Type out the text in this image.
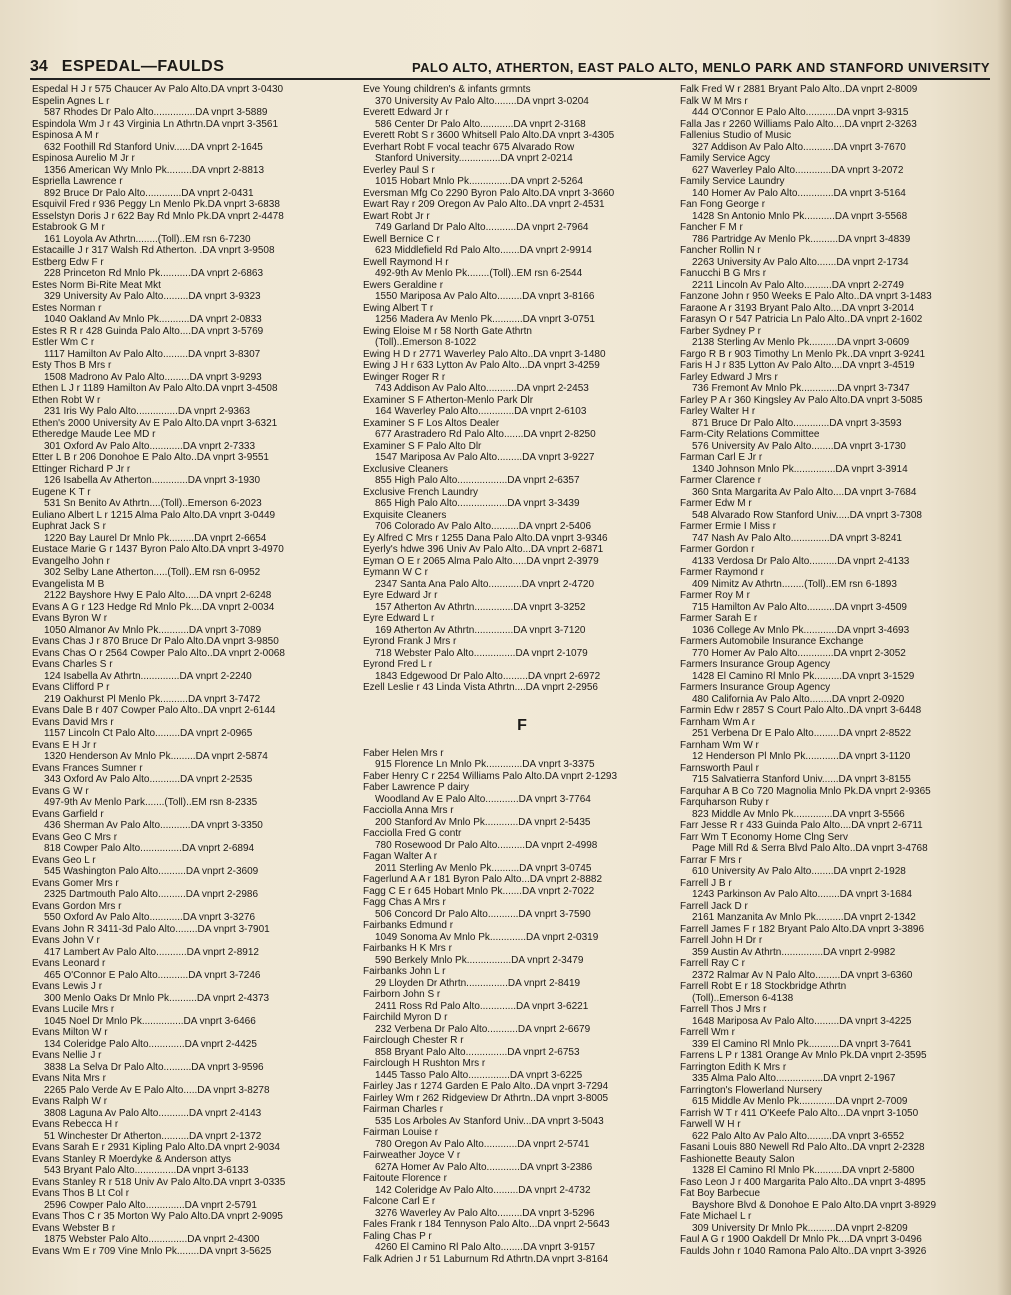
34 ESPEDAL—FAULDS	PALO ALTO, ATHERTON, EAST PALO ALTO, MENLO PARK AND STANFORD UNIVERSITY
Espedal H J r 575 Chaucer Av Palo Alto.DA vnprt 3-0430
Espelin Agnes L r
587 Rhodes Dr Palo Alto...............DA vnprt 3-5889
Espindola Wm J r 43 Virginia Ln Athrtn.DA vnprt 3-3561
Espinosa A M r
632 Foothill Rd Stanford Univ......DA vnprt 2-1645
Espinosa Aurelio M Jr r
1356 American Wy Mnlo Pk.........DA vnprt 2-8813
Espriella Lawrence r
892 Bruce Dr Palo Alto.............DA vnprt 2-0431
Esquivil Fred r 936 Peggy Ln Menlo Pk.DA vnprt 3-6838
Esselstyn Doris J r 622 Bay Rd Mnlo Pk.DA vnprt 2-4478
Estabrook G M r
161 Loyola Av Athrtn........(Toll)..EM rsn 6-7230
Estacaille J r 317 Walsh Rd Atherton. .DA vnprt 3-9508
Estberg Edw F r
228 Princeton Rd Mnlo Pk...........DA vnprt 2-6863
Estes Norm Bi-Rite Meat Mkt
329 University Av Palo Alto.........DA vnprt 3-9323
Estes Norman r
1040 Oakland Av Mnlo Pk...........DA vnprt 2-0833
Estes R R r 428 Guinda Palo Alto....DA vnprt 3-5769
Estler Wm C r
1117 Hamilton Av Palo Alto.........DA vnprt 3-8307
Esty Thos B Mrs r
1508 Madrono Av Palo Alto.........DA vnprt 3-9293
Ethen L J r 1189 Hamilton Av Palo Alto.DA vnprt 3-4508
Ethen Robt W r
231 Iris Wy Palo Alto...............DA vnprt 2-9363
Ethen's 2000 University Av E Palo Alto.DA vnprt 3-6321
Etheredge Maude Lee MD r
301 Oxford Av Palo Alto............DA vnprt 2-7333
Etter L B r 206 Donohoe E Palo Alto..DA vnprt 3-9551
Ettinger Richard P Jr r
126 Isabella Av Atherton.............DA vnprt 3-1930
Eugene K T r
531 Sn Benito Av Athrtn....(Toll)..Emerson 6-2023
Euliano Albert L r 1215 Alma Palo Alto.DA vnprt 3-0449
Euphrat Jack S r
1220 Bay Laurel Dr Mnlo Pk.........DA vnprt 2-6654
Eustace Marie G r 1437 Byron Palo Alto.DA vnprt 3-4970
Evangelho John r
302 Selby Lane Atherton.....(Toll)..EM rsn 6-0952
Evangelista M B
2122 Bayshore Hwy E Palo Alto.....DA vnprt 2-6248
Evans A G r 123 Hedge Rd Mnlo Pk....DA vnprt 2-0034
Evans Byron W r
1050 Almanor Av Mnlo Pk...........DA vnprt 3-7089
Evans Chas J r 870 Bruce Dr Palo Alto.DA vnprt 3-9850
Evans Chas O r 2564 Cowper Palo Alto..DA vnprt 2-0068
Evans Charles S r
124 Isabella Av Athrtn..............DA vnprt 2-2240
Evans Clifford P r
219 Oakhurst Pl Menlo Pk..........DA vnprt 3-7472
Evans Dale B r 407 Cowper Palo Alto..DA vnprt 2-6144
Evans David Mrs r
1157 Lincoln Ct Palo Alto.........DA vnprt 2-0965
Evans E H Jr r
1320 Henderson Av Mnlo Pk.........DA vnprt 2-5874
Evans Frances Sumner r
343 Oxford Av Palo Alto...........DA vnprt 2-2535
Evans G W r
497-9th Av Menlo Park.......(Toll)..EM rsn 8-2335
Evans Garfield r
436 Sherman Av Palo Alto...........DA vnprt 3-3350
Evans Geo C Mrs r
818 Cowper Palo Alto...............DA vnprt 2-6894
Evans Geo L r
545 Washington Palo Alto..........DA vnprt 2-3609
Evans Gomer Mrs r
2325 Dartmouth Palo Alto..........DA vnprt 2-2986
Evans Gordon Mrs r
550 Oxford Av Palo Alto............DA vnprt 3-3276
Evans John R 3411-3d Palo Alto........DA vnprt 3-7901
Evans John V r
417 Lambert Av Palo Alto...........DA vnprt 2-8912
Evans Leonard r
465 O'Connor E Palo Alto...........DA vnprt 3-7246
Evans Lewis J r
300 Menlo Oaks Dr Mnlo Pk..........DA vnprt 2-4373
Evans Lucile Mrs r
1045 Noel Dr Mnlo Pk...............DA vnprt 3-6466
Evans Milton W r
134 Coleridge Palo Alto.............DA vnprt 2-4425
Evans Nellie J r
3838 La Selva Dr Palo Alto..........DA vnprt 3-9596
Evans Nita Mrs r
2265 Palo Verde Av E Palo Alto.....DA vnprt 3-8278
Evans Ralph W r
3808 Laguna Av Palo Alto...........DA vnprt 2-4143
Evans Rebecca H r
51 Winchester Dr Atherton..........DA vnprt 2-1372
Evans Sarah E r 2931 Kipling Palo Alto.DA vnprt 2-9034
Evans Stanley R Moerdyke & Anderson attys
543 Bryant Palo Alto...............DA vnprt 3-6133
Evans Stanley R r 518 Univ Av Palo Alto.DA vnprt 3-0335
Evans Thos B Lt Col r
2596 Cowper Palo Alto..............DA vnprt 2-5791
Evans Thos C r 35 Morton Wy Palo Alto.DA vnprt 2-9095
Evans Webster B r
1875 Webster Palo Alto..............DA vnprt 2-4300
Evans Wm E r 709 Vine Mnlo Pk........DA vnprt 3-5625
Eve Young children's & infants grmnts
370 University Av Palo Alto........DA vnprt 3-0204
Everett Edward Jr r
586 Center Dr Palo Alto............DA vnprt 2-3168
Everett Robt S r 3600 Whitsell Palo Alto.DA vnprt 3-4305
Everhart Robt F vocal teachr 675 Alvarado Row
Stanford University...............DA vnprt 2-0214
Everley Paul S r
1015 Hobart Mnlo Pk...............DA vnprt 2-5264
Eversman Mfg Co 2290 Byron Palo Alto.DA vnprt 3-3660
Ewart Ray r 209 Oregon Av Palo Alto..DA vnprt 2-4531
Ewart Robt Jr r
749 Garland Dr Palo Alto...........DA vnprt 2-7964
Ewell Bernice C r
623 Middlefield Rd Palo Alto.......DA vnprt 2-9914
Ewell Raymond H r
492-9th Av Menlo Pk........(Toll)..EM rsn 6-2544
Ewers Geraldine r
1550 Mariposa Av Palo Alto.........DA vnprt 3-8166
Ewing Albert T r
1256 Madera Av Menlo Pk...........DA vnprt 3-0751
Ewing Eloise M r 58 North Gate Athrtn
(Toll)..Emerson 8-1022
Ewing H D r 2771 Waverley Palo Alto..DA vnprt 3-1480
Ewing J H r 633 Lytton Av Palo Alto...DA vnprt 3-4259
Ewinger Roger R r
743 Addison Av Palo Alto...........DA vnprt 2-2453
Examiner S F Atherton-Menlo Park Dlr
164 Waverley Palo Alto.............DA vnprt 2-6103
Examiner S F Los Altos Dealer
677 Arastradero Rd Palo Alto.......DA vnprt 2-8250
Examiner S F Palo Alto Dlr
1547 Mariposa Av Palo Alto.........DA vnprt 3-9227
Exclusive Cleaners
855 High Palo Alto..................DA vnprt 2-6357
Exclusive French Laundry
865 High Palo Alto..................DA vnprt 3-3439
Exquisite Cleaners
706 Colorado Av Palo Alto..........DA vnprt 2-5406
Ey Alfred C Mrs r 1255 Dana Palo Alto.DA vnprt 3-9346
Eyerly's hdwe 396 Univ Av Palo Alto...DA vnprt 2-6871
Eyman O E r 2065 Alma Palo Alto.....DA vnprt 2-3979
Eymann W C r
2347 Santa Ana Palo Alto............DA vnprt 2-4720
Eyre Edward Jr r
157 Atherton Av Athrtn..............DA vnprt 3-3252
Eyre Edward L r
169 Atherton Av Athrtn..............DA vnprt 3-7120
Eyrond Frank J Mrs r
718 Webster Palo Alto...............DA vnprt 2-1079
Eyrond Fred L r
1843 Edgewood Dr Palo Alto.........DA vnprt 2-6972
Ezell Leslie r 43 Linda Vista Athrtn....DA vnprt 2-2956
F
Faber Helen Mrs r
915 Florence Ln Mnlo Pk.............DA vnprt 3-3375
Faber Henry C r 2254 Williams Palo Alto.DA vnprt 2-1293
Faber Lawrence P dairy
Woodland Av E Palo Alto............DA vnprt 3-7764
Facciolla Anna Mrs r
200 Stanford Av Mnlo Pk............DA vnprt 2-5435
Facciolla Fred G contr
780 Rosewood Dr Palo Alto..........DA vnprt 2-4998
Fagan Walter A r
2011 Sterling Av Menlo Pk..........DA vnprt 3-0745
Fagerlund A A r 181 Byron Palo Alto...DA vnprt 2-8882
Fagg C E r 645 Hobart Mnlo Pk.......DA vnprt 2-7022
Fagg Chas A Mrs r
506 Concord Dr Palo Alto...........DA vnprt 3-7590
Fairbanks Edmund r
1049 Sonoma Av Mnlo Pk.............DA vnprt 2-0319
Fairbanks H K Mrs r
590 Berkely Mnlo Pk................DA vnprt 2-3479
Fairbanks John L r
29 Lloyden Dr Athrtn...............DA vnprt 2-8419
Fairborn John S r
2411 Ross Rd Palo Alto.............DA vnprt 3-6221
Fairchild Myron D r
232 Verbena Dr Palo Alto...........DA vnprt 2-6679
Fairclough Chester R r
858 Bryant Palo Alto...............DA vnprt 2-6753
Fairclough H Rushton Mrs r
1445 Tasso Palo Alto...............DA vnprt 3-6225
Fairley Jas r 1274 Garden E Palo Alto..DA vnprt 3-7294
Fairley Wm r 262 Ridgeview Dr Athrtn..DA vnprt 3-8005
Fairman Charles r
535 Los Arboles Av Stanford Univ...DA vnprt 3-5043
Fairman Louise r
780 Oregon Av Palo Alto............DA vnprt 2-5741
Fairweather Joyce V r
627A Homer Av Palo Alto............DA vnprt 3-2386
Faitoute Florence r
142 Coleridge Av Palo Alto.........DA vnprt 2-4732
Falcone Carl E r
3276 Waverley Av Palo Alto.........DA vnprt 3-5296
Fales Frank r 184 Tennyson Palo Alto...DA vnprt 2-5643
Faling Chas P r
4260 El Camino Rl Palo Alto........DA vnprt 3-9157
Falk Adrien J r 51 Laburnum Rd Athrtn.DA vnprt 3-8164
Falk Fred W r 2881 Bryant Palo Alto..DA vnprt 2-8009
Falk W M Mrs r
444 O'Connor E Palo Alto...........DA vnprt 3-9315
Falla Jas r 2260 Williams Palo Alto....DA vnprt 2-3263
Fallenius Studio of Music
327 Addison Av Palo Alto...........DA vnprt 3-7670
Family Service Agcy
627 Waverley Palo Alto.............DA vnprt 3-2072
Family Service Laundry
140 Homer Av Palo Alto.............DA vnprt 3-5164
Fan Fong George r
1428 Sn Antonio Mnlo Pk...........DA vnprt 3-5568
Fancher F M r
786 Partridge Av Menlo Pk..........DA vnprt 3-4839
Fancher Rollin N r
2263 University Av Palo Alto.......DA vnprt 2-1734
Fanucchi B G Mrs r
2211 Lincoln Av Palo Alto..........DA vnprt 2-2749
Fanzone John r 950 Weeks E Palo Alto..DA vnprt 3-1483
Faraone A r 3193 Bryant Palo Alto....DA vnprt 3-2014
Farasyn O r 547 Patricia Ln Palo Alto..DA vnprt 2-1602
Farber Sydney P r
2138 Sterling Av Menlo Pk..........DA vnprt 3-0609
Fargo R B r 903 Timothy Ln Menlo Pk..DA vnprt 3-9241
Faris H J r 835 Lytton Av Palo Alto....DA vnprt 3-4519
Farley Edward J Mrs r
736 Fremont Av Mnlo Pk.............DA vnprt 3-7347
Farley P A r 360 Kingsley Av Palo Alto.DA vnprt 3-5085
Farley Walter H r
871 Bruce Dr Palo Alto.............DA vnprt 3-3593
Farm-City Relations Committee
576 University Av Palo Alto........DA vnprt 3-1730
Farman Carl E Jr r
1340 Johnson Mnlo Pk...............DA vnprt 3-3914
Farmer Clarence r
360 Snta Margarita Av Palo Alto....DA vnprt 3-7684
Farmer Edw M r
548 Alvarado Row Stanford Univ.....DA vnprt 3-7308
Farmer Ermie I Miss r
747 Nash Av Palo Alto..............DA vnprt 3-8241
Farmer Gordon r
4133 Verdosa Dr Palo Alto..........DA vnprt 2-4133
Farmer Raymond r
409 Nimitz Av Athrtn........(Toll)..EM rsn 6-1893
Farmer Roy M r
715 Hamilton Av Palo Alto..........DA vnprt 3-4509
Farmer Sarah E r
1036 College Av Mnlo Pk............DA vnprt 3-4693
Farmers Automobile Insurance Exchange
770 Homer Av Palo Alto.............DA vnprt 2-3052
Farmers Insurance Group Agency
1428 El Camino Rl Mnlo Pk..........DA vnprt 3-1529
Farmers Insurance Group Agency
480 California Av Palo Alto........DA vnprt 2-0920
Farmin Edw r 2857 S Court Palo Alto..DA vnprt 3-6448
Farnham Wm A r
251 Verbena Dr E Palo Alto.........DA vnprt 2-8522
Farnham Wm W r
12 Henderson Pl Mnlo Pk............DA vnprt 3-1120
Farnsworth Paul r
715 Salvatierra Stanford Univ......DA vnprt 3-8155
Farquhar A B Co 720 Magnolia Mnlo Pk.DA vnprt 2-9365
Farquharson Ruby r
823 Middle Av Mnlo Pk..............DA vnprt 3-5566
Farr Jesse R r 433 Guinda Palo Alto....DA vnprt 2-6711
Farr Wm T Economy Home Clng Serv
Page Mill Rd & Serra Blvd Palo Alto..DA vnprt 3-4768
Farrar F Mrs r
610 University Av Palo Alto........DA vnprt 2-1928
Farrell J B r
1243 Parkinson Av Palo Alto........DA vnprt 3-1684
Farrell Jack D r
2161 Manzanita Av Mnlo Pk..........DA vnprt 2-1342
Farrell James F r 182 Bryant Palo Alto.DA vnprt 3-3896
Farrell John H Dr r
359 Austin Av Athrtn...............DA vnprt 2-9982
Farrell Ray C r
2372 Ralmar Av N Palo Alto.........DA vnprt 3-6360
Farrell Robt E r 18 Stockbridge Athrtn
(Toll)..Emerson 6-4138
Farrell Thos J Mrs r
1648 Mariposa Av Palo Alto.........DA vnprt 3-4225
Farrell Wm r
339 El Camino Rl Mnlo Pk...........DA vnprt 3-7641
Farrens L P r 1381 Orange Av Mnlo Pk.DA vnprt 2-3595
Farrington Edith K Mrs r
335 Alma Palo Alto.................DA vnprt 2-1967
Farrington's Flowerland Nursery
615 Middle Av Menlo Pk.............DA vnprt 2-7009
Farrish W T r 411 O'Keefe Palo Alto...DA vnprt 3-1050
Farwell W H r
622 Palo Alto Av Palo Alto.........DA vnprt 3-6552
Fasani Louis 880 Newell Rd Palo Alto..DA vnprt 2-2328
Fashionette Beauty Salon
1328 El Camino Rl Mnlo Pk..........DA vnprt 2-5800
Faso Leon J r 400 Margarita Palo Alto..DA vnprt 3-4895
Fat Boy Barbecue
Bayshore Blvd & Donohoe E Palo Alto.DA vnprt 3-8929
Fate Michael L r
309 University Dr Mnlo Pk..........DA vnprt 2-8209
Faul A G r 1900 Oakdell Dr Mnlo Pk....DA vnprt 3-0496
Faulds John r 1040 Ramona Palo Alto..DA vnprt 3-3926
